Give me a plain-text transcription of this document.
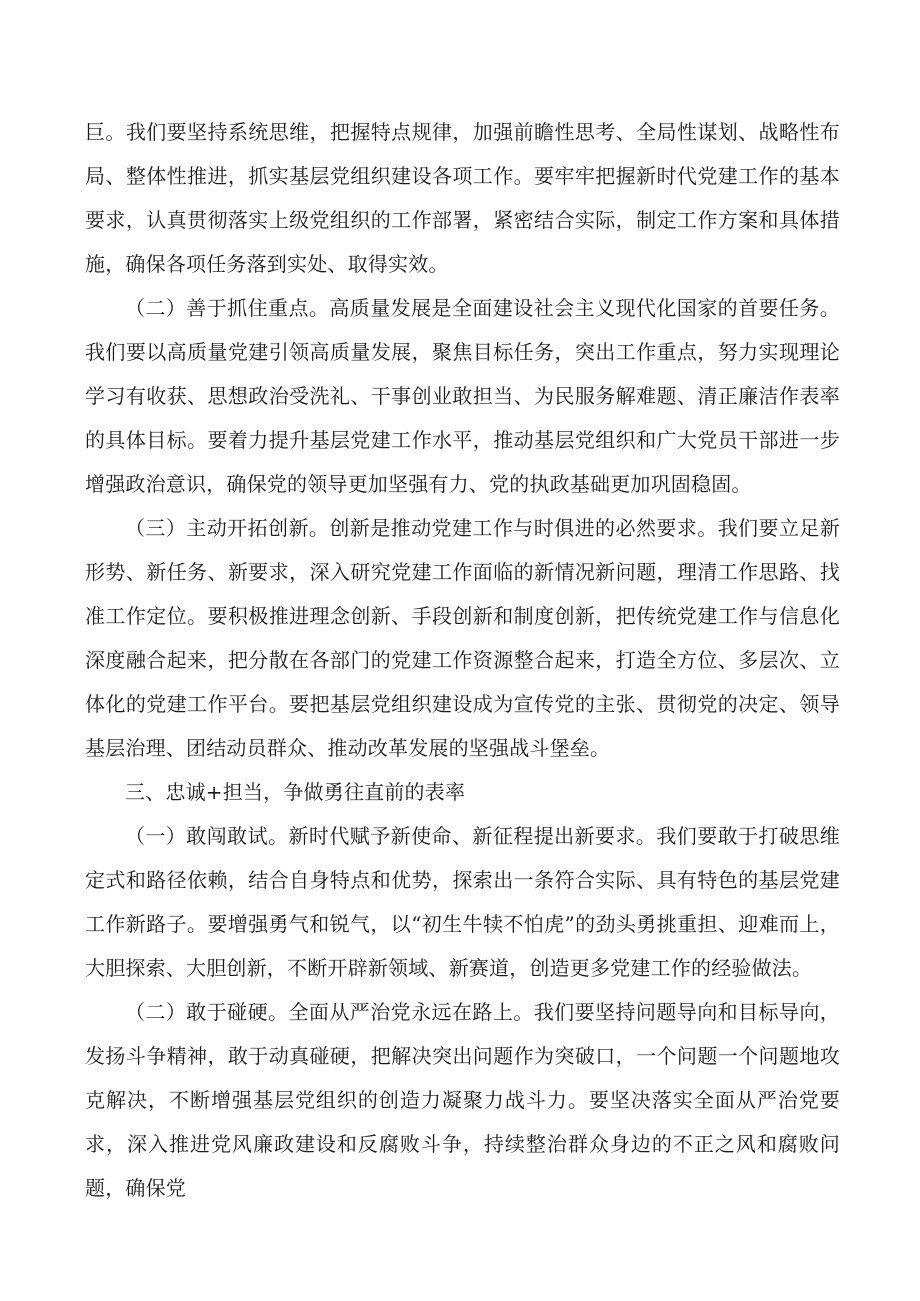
巨。我们要坚持系统思维，把握特点规律，加强前瞻性思考、全局性谋划、战略性布局、整体性推进，抓实基层党组织建设各项工作。要牢牢把握新时代党建工作的基本要求，认真贯彻落实上级党组织的工作部署，紧密结合实际，制定工作方案和具体措施，确保各项任务落到实处、取得实效。

（二）善于抓住重点。高质量发展是全面建设社会主义现代化国家的首要任务。我们要以高质量党建引领高质量发展，聚焦目标任务，突出工作重点，努力实现理论学习有收获、思想政治受洗礼、干事创业敢担当、为民服务解难题、清正廉洁作表率的具体目标。要着力提升基层党建工作水平，推动基层党组织和广大党员干部进一步增强政治意识，确保党的领导更加坚强有力、党的执政基础更加巩固稳固。

（三）主动开拓创新。创新是推动党建工作与时俱进的必然要求。我们要立足新形势、新任务、新要求，深入研究党建工作面临的新情况新问题，理清工作思路、找准工作定位。要积极推进理念创新、手段创新和制度创新，把传统党建工作与信息化深度融合起来，把分散在各部门的党建工作资源整合起来，打造全方位、多层次、立体化的党建工作平台。要把基层党组织建设成为宣传党的主张、贯彻党的决定、领导基层治理、团结动员群众、推动改革发展的坚强战斗堡垒。

三、忠诚+担当，争做勇往直前的表率

（一）敢闯敢试。新时代赋予新使命、新征程提出新要求。我们要敢于打破思维定式和路径依赖，结合自身特点和优势，探索出一条符合实际、具有特色的基层党建工作新路子。要增强勇气和锐气，以“初生牛犊不怕虎”的劲头勇挑重担、迎难而上，大胆探索、大胆创新，不断开辟新领域、新赛道，创造更多党建工作的经验做法。

（二）敢于碰硬。全面从严治党永远在路上。我们要坚持问题导向和目标导向，发扬斗争精神，敢于动真碰硬，把解决突出问题作为突破口，一个问题一个问题地攻克解决，不断增强基层党组织的创造力凝聚力战斗力。要坚决落实全面从严治党要求，深入推进党风廉政建设和反腐败斗争，持续整治群众身边的不正之风和腐败问题，确保党
